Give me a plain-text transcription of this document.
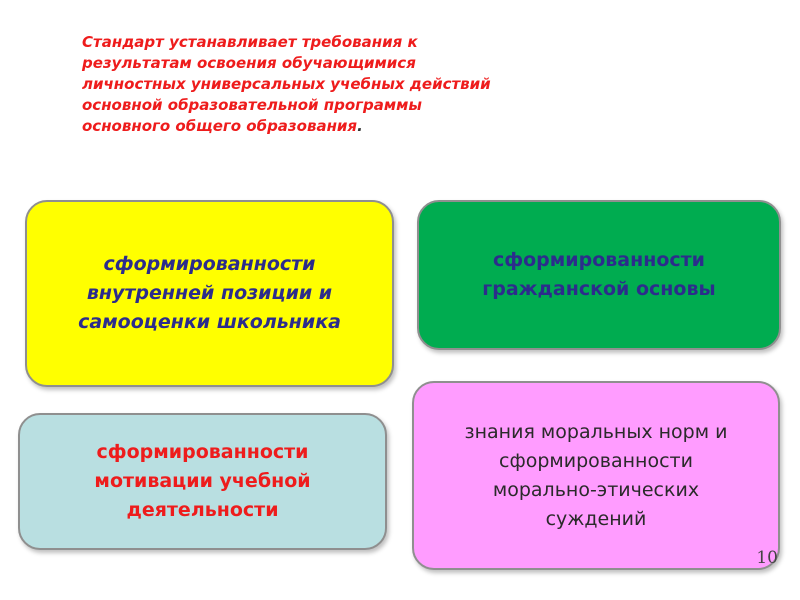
Стандарт устанавливает требования к
результатам освоения обучающимися
личностных универсальных учебных действий
основной образовательной программы
основного общего образования.
сформированности
внутренней позиции и
самооценки школьника
сформированности
гражданской основы
сформированности
мотивации учебной
деятельности
знания моральных норм и
сформированности
морально-этических
суждений
10
